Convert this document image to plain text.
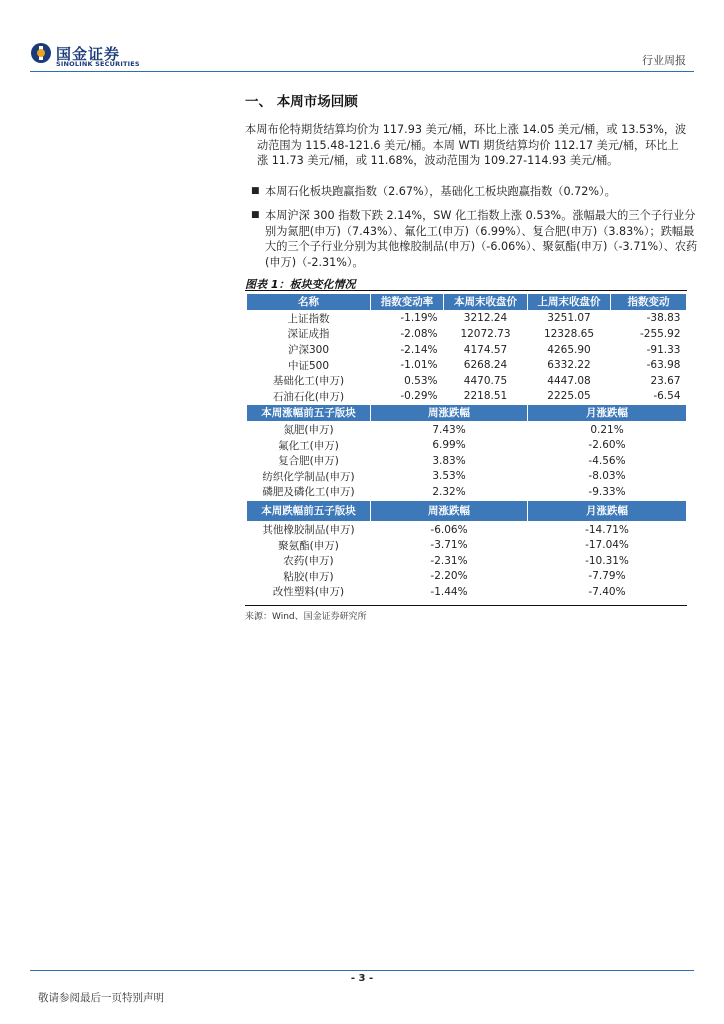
国金证券
SINOLINK SECURITIES	行业周报
一、 本周市场回顾
本周布伦特期货结算均价为 117.93 美元/桶，环比上涨 14.05 美元/桶，或 13.53%，波动范围为 115.48-121.6 美元/桶。本周 WTI 期货结算均价 112.17 美元/桶，环比上涨 11.73 美元/桶，或 11.68%，波动范围为 109.27-114.93 美元/桶。
■ 本周石化板块跑赢指数（2.67%），基础化工板块跑赢指数（0.72%）。
■ 本周沪深 300 指数下跌 2.14%，SW 化工指数上涨 0.53%。涨幅最大的三个子行业分别为氮肥(申万)（7.43%）、氟化工(申万)（6.99%）、复合肥(申万)（3.83%）；跌幅最大的三个子行业分别为其他橡胶制品(申万)（-6.06%）、聚氨酯(申万)（-3.71%）、农药(申万)（-2.31%）。
图表 1：板块变化情况
名称	指数变动率	本周末收盘价	上周末收盘价	指数变动
上证指数	-1.19%	3212.24	3251.07	-38.83
深证成指	-2.08%	12072.73	12328.65	-255.92
沪深300	-2.14%	4174.57	4265.90	-91.33
中证500	-1.01%	6268.24	6332.22	-63.98
基础化工(申万)	0.53%	4470.75	4447.08	23.67
石油石化(申万)	-0.29%	2218.51	2225.05	-6.54
本周涨幅前五子版块	周涨跌幅		月涨跌幅	
氮肥(申万)	7.43%		0.21%	
氟化工(申万)	6.99%		-2.60%	
复合肥(申万)	3.83%		-4.56%	
纺织化学制品(申万)	3.53%		-8.03%	
磷肥及磷化工(申万)	2.32%		-9.33%	
本周跌幅前五子版块	周涨跌幅		月涨跌幅	
其他橡胶制品(申万)	-6.06%		-14.71%	
聚氨酯(申万)	-3.71%		-17.04%	
农药(申万)	-2.31%		-10.31%	
粘胶(申万)	-2.20%		-7.79%	
改性塑料(申万)	-1.44%		-7.40%	
来源：Wind、国金证券研究所
- 3 -
敬请参阅最后一页特别声明
